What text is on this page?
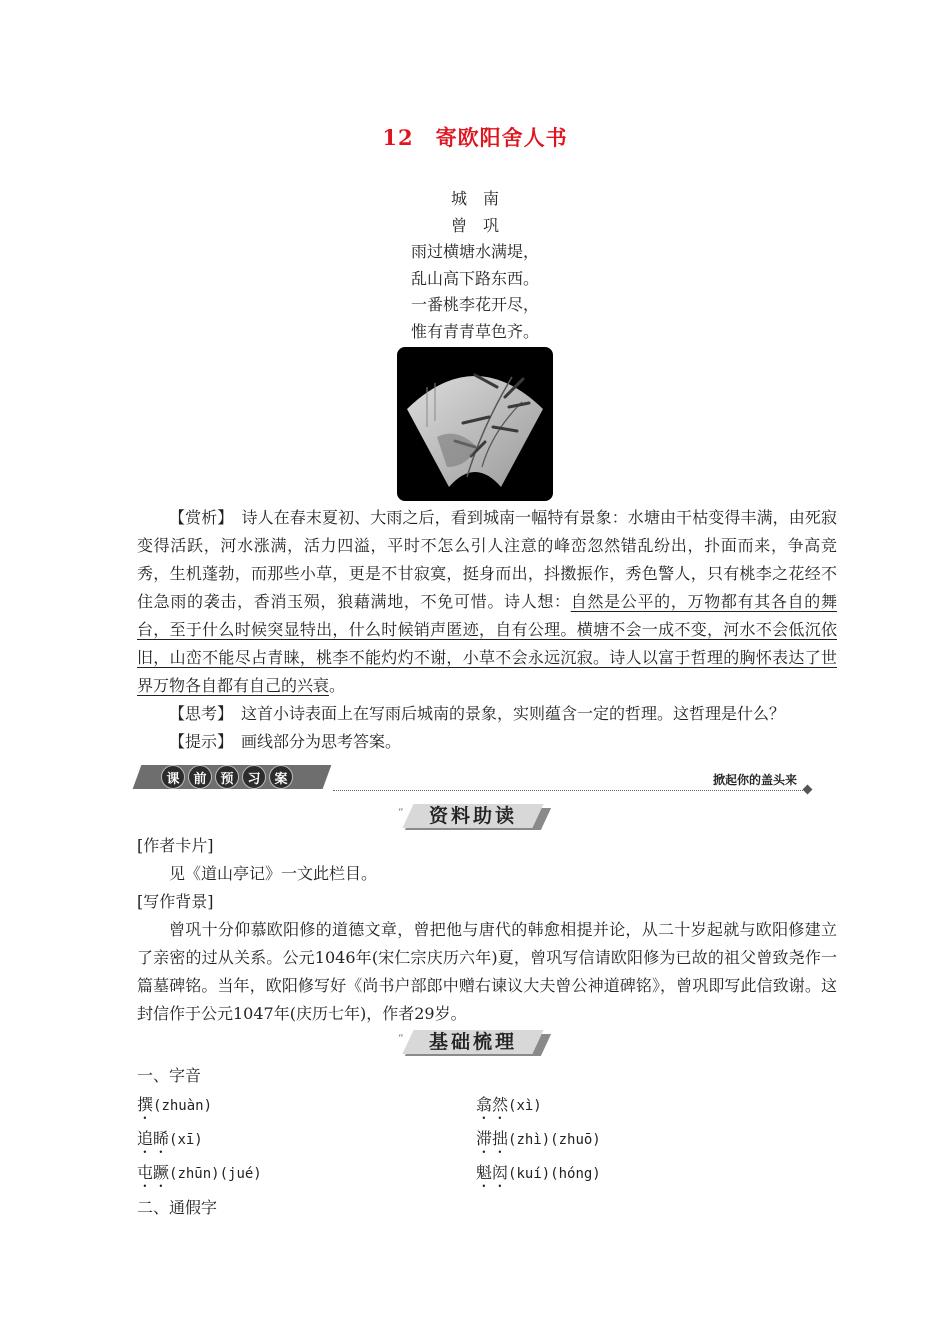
12 寄欧阳舍人书
城　南
曾　巩
雨过横塘水满堤，
乱山高下路东西。
一番桃李花开尽，
惟有青青草色齐。
【赏析】　诗人在春末夏初、大雨之后，看到城南一幅特有景象：水塘由干枯变得丰满，由死寂变得活跃，河水涨满，活力四溢，平时不怎么引人注意的峰峦忽然错乱纷出，扑面而来，争高竞秀，生机蓬勃，而那些小草，更是不甘寂寞，挺身而出，抖擞振作，秀色警人，只有桃李之花经不住急雨的袭击，香消玉殒，狼藉满地，不免可惜。诗人想：自然是公平的，万物都有其各自的舞台，至于什么时候突显特出，什么时候销声匿迹，自有公理。横塘不会一成不变，河水不会低沉依旧，山峦不能尽占青睐，桃李不能灼灼不谢，小草不会永远沉寂。诗人以富于哲理的胸怀表达了世界万物各自都有自己的兴衰。
【思考】　这首小诗表面上在写雨后城南的景象，实则蕴含一定的哲理。这哲理是什么？
【提示】　画线部分为思考答案。
课	前	预	习	案	掀起你的盖头来
“	资料助读
[作者卡片]
见《道山亭记》一文此栏目。
[写作背景]
曾巩十分仰慕欧阳修的道德文章，曾把他与唐代的韩愈相提并论，从二十岁起就与欧阳修建立了亲密的过从关系。公元1046年(宋仁宗庆历六年)夏，曾巩写信请欧阳修为已故的祖父曾致尧作一篇墓碑铭。当年，欧阳修写好《尚书户部郎中赠右谏议大夫曾公神道碑铭》，曾巩即写此信致谢。这封信作于公元1047年(庆历七年)，作者29岁。
“	基础梳理
一、字音
撰(zhuàn)	翕然(xì)
追睎(xī)	滞拙(zhì)(zhuō)
屯蹶(zhūn)(jué)	魁闳(kuí)(hóng)
二、通假字
